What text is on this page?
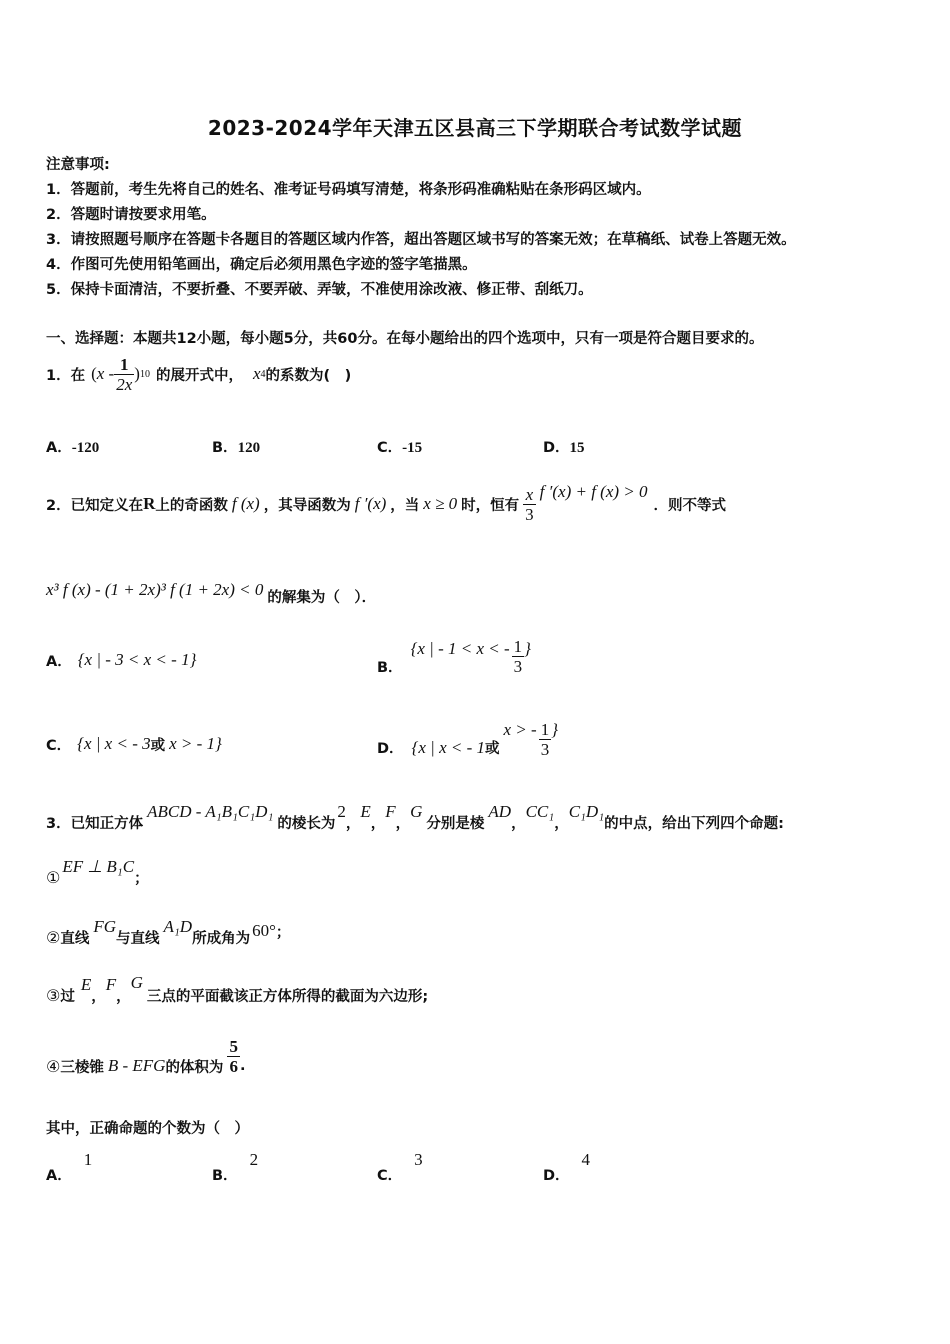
2023-2024学年天津五区县高三下学期联合考试数学试题
注意事项:
1．答题前，考生先将自己的姓名、准考证号码填写清楚，将条形码准确粘贴在条形码区域内。
2．答题时请按要求用笔。
3．请按照题号顺序在答题卡各题目的答题区域内作答，超出答题区域书写的答案无效；在草稿纸、试卷上答题无效。
4．作图可先使用铅笔画出，确定后必须用黑色字迹的签字笔描黑。
5．保持卡面清洁，不要折叠、不要弄破、弄皱，不准使用涂改液、修正带、刮纸刀。
一、选择题：本题共12小题，每小题5分，共60分。在每小题给出的四个选项中，只有一项是符合题目要求的。
1．在 ( x - $\frac{1}{2x}$ ) 10 的展开式中， x 4 的系数为(　)
A．-120	B．120	C．-15	D．15
2．已知定义在 R 上的奇函数 f (x) ，其导函数为 f ′(x) ，当 x ≥ 0 时，恒有 $\frac{x}{3}$ f ′(x) + f (x) > 0
．则不等式
x³ f (x) - (1 + 2x)³ f (1 + 2x) < 0 的解集为（　）．
A． {x | - 3 < x < - 1}	B．
{x | - 1 < x < - $\frac{1}{3}$ }
C． {x | x < - 3 或 x > - 1}	D． {x | x < - 1 或
x > - $\frac{1}{3}$ }
3．已知正方体
ABCD - A₁B₁C₁D₁
的棱长为
2
，
E
，
F
，
G
分别是棱
AD
，
CC₁
，
C₁D₁
的中点，给出下列四个命题:
①
EF ⊥ B₁C
；
② 直线
FG
与直线
A₁D
所成角为 60° ；
③ 过
E
，
F
，
G
三点的平面截该正方体所得的截面为六边形;
④ 三棱锥 B - EFG 的体积为 $\frac{5}{6}$ .
其中，正确命题的个数为（　）
A．
1
B．
2
C．
3
D．
4
